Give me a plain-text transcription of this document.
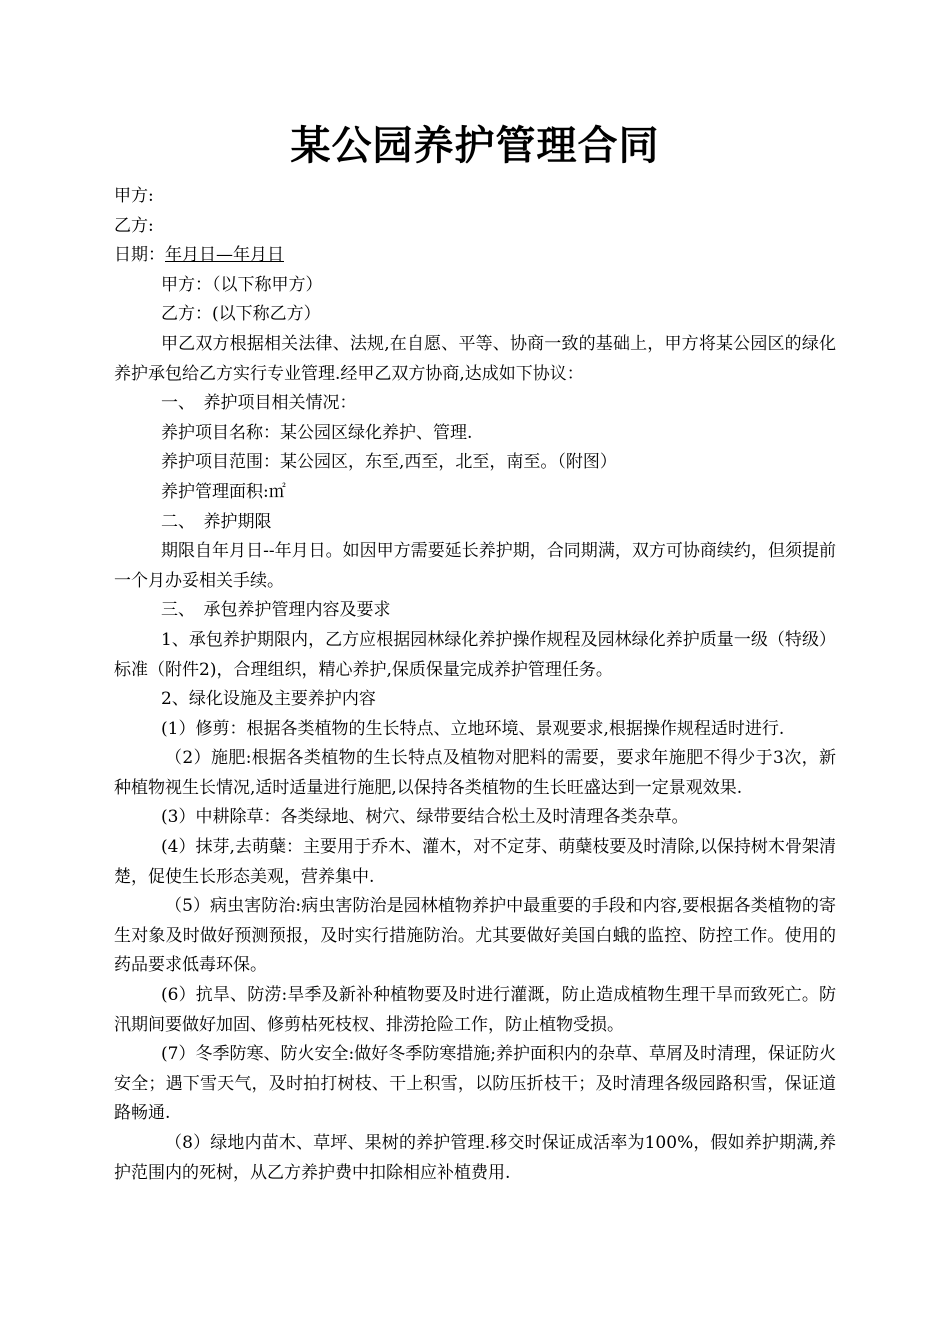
某公园养护管理合同

甲方:

乙方:

日期：年月日—年月日

甲方：（以下称甲方）

乙方：(以下称乙方）

甲乙双方根据相关法律、法规,在自愿、平等、协商一致的基础上，甲方将某公园区的绿化养护承包给乙方实行专业管理.经甲乙双方协商,达成如下协议：

一、　养护项目相关情况：

养护项目名称：某公园区绿化养护、管理.

养护项目范围：某公园区，东至,西至，北至，南至。（附图）

养护管理面积:㎡

二、　养护期限

期限自年月日--年月日。如因甲方需要延长养护期，合同期满，双方可协商续约，但须提前一个月办妥相关手续。

三、　承包养护管理内容及要求

1、承包养护期限内，乙方应根据园林绿化养护操作规程及园林绿化养护质量一级（特级）标准（附件2)，合理组织，精心养护,保质保量完成养护管理任务。

2、绿化设施及主要养护内容

(1）修剪：根据各类植物的生长特点、立地环境、景观要求,根据操作规程适时进行.

（2）施肥:根据各类植物的生长特点及植物对肥料的需要，要求年施肥不得少于3次，新种植物视生长情况,适时适量进行施肥,以保持各类植物的生长旺盛达到一定景观效果.

(3）中耕除草：各类绿地、树穴、绿带要结合松土及时清理各类杂草。

(4）抹芽,去萌蘖：主要用于乔木、灌木，对不定芽、萌蘖枝要及时清除,以保持树木骨架清楚，促使生长形态美观，营养集中.

（5）病虫害防治:病虫害防治是园林植物养护中最重要的手段和内容,要根据各类植物的寄生对象及时做好预测预报，及时实行措施防治。尤其要做好美国白蛾的监控、防控工作。使用的药品要求低毒环保。

(6）抗旱、防涝:旱季及新补种植物要及时进行灌溉，防止造成植物生理干旱而致死亡。防汛期间要做好加固、修剪枯死枝杈、排涝抢险工作，防止植物受损。

(7）冬季防寒、防火安全:做好冬季防寒措施;养护面积内的杂草、草屑及时清理，保证防火安全；遇下雪天气，及时拍打树枝、干上积雪，以防压折枝干；及时清理各级园路积雪，保证道路畅通.

（8）绿地内苗木、草坪、果树的养护管理.移交时保证成活率为100%，假如养护期满,养护范围内的死树，从乙方养护费中扣除相应补植费用.
